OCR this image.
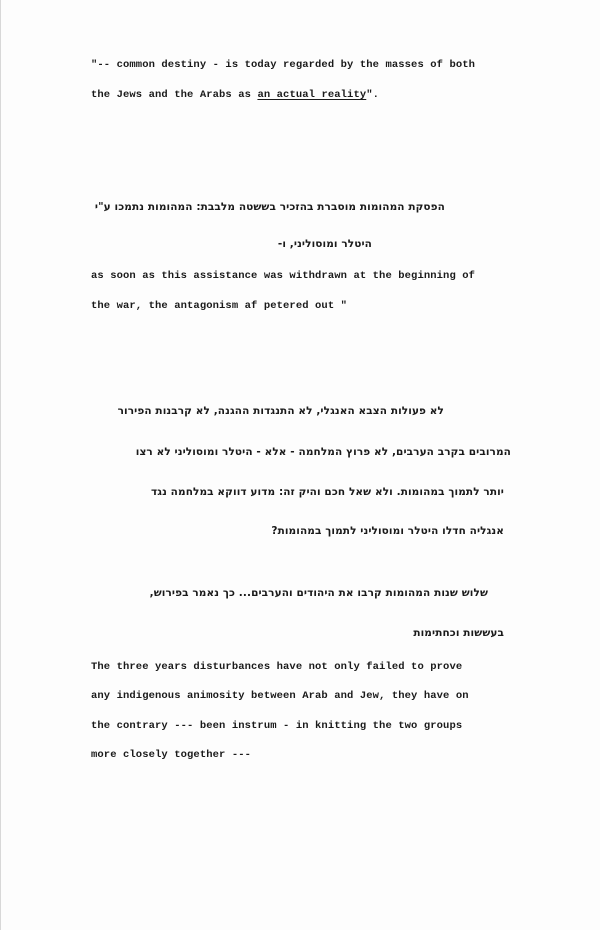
"-- common destiny - is today regarded by the masses of both
the Jews and the Arabs as an actual reality".
הפסקת המהומות מוסברת בהזכיר בששטה מלבבת: המהומות נתמכו ע"י
היטלר ומוסוליני, ו-
as soon as this assistance was withdrawn at the beginning of
the war, the antagonism af petered out "
לא פעולות הצבא האנגלי, לא התנגדות ההגנה, לא קרבנות הפירור
המרובים בקרב הערבים, לא פרוץ המלחמה - אלא - היטלר ומוסוליני לא רצו
יותר לתמוך במהומות. ולא שאל חכם והיק זה: מדוע דווקא במלחמה נגד
אנגליה חדלו היטלר ומוסוליני לתמוך במהומות?
שלוש שנות המהומות קרבו את היהודים והערבים... כך נאמר בפירוש,
בעששות וכחתימות
The three years disturbances have not only failed to prove
any indigenous animosity between Arab and Jew, they have on
the contrary --- been instrum - in knitting the two groups
more closely together ---
